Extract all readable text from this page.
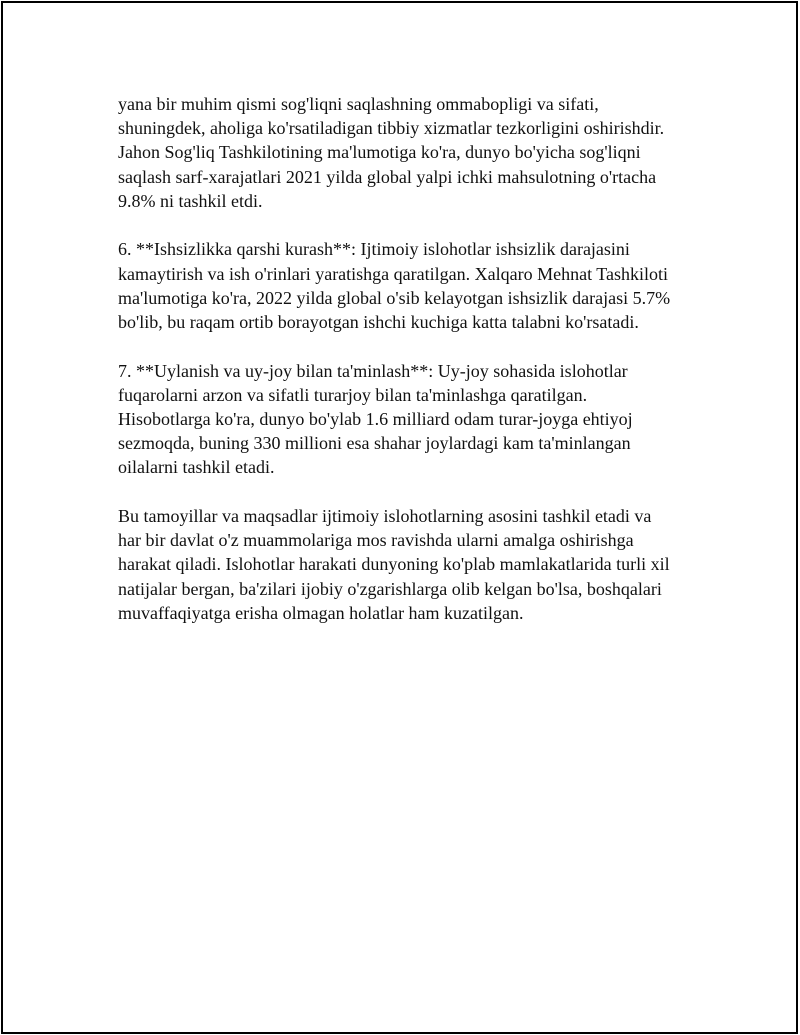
yana bir muhim qismi sog'liqni saqlashning ommabopligi va sifati,
shuningdek, aholiga ko'rsatiladigan tibbiy xizmatlar tezkorligini oshirishdir.
Jahon Sog'liq Tashkilotining ma'lumotiga ko'ra, dunyo bo'yicha sog'liqni
saqlash sarf-xarajatlari 2021 yilda global yalpi ichki mahsulotning o'rtacha
9.8% ni tashkil etdi.

6. **Ishsizlikka qarshi kurash**: Ijtimoiy islohotlar ishsizlik darajasini
kamaytirish va ish o'rinlari yaratishga qaratilgan. Xalqaro Mehnat Tashkiloti
ma'lumotiga ko'ra, 2022 yilda global o'sib kelayotgan ishsizlik darajasi 5.7%
bo'lib, bu raqam ortib borayotgan ishchi kuchiga katta talabni ko'rsatadi.

7. **Uylanish va uy-joy bilan ta'minlash**: Uy-joy sohasida islohotlar
fuqarolarni arzon va sifatli turarjoy bilan ta'minlashga qaratilgan.
Hisobotlarga ko'ra, dunyo bo'ylab 1.6 milliard odam turar-joyga ehtiyoj
sezmoqda, buning 330 millioni esa shahar joylardagi kam ta'minlangan
oilalarni tashkil etadi.

Bu tamoyillar va maqsadlar ijtimoiy islohotlarning asosini tashkil etadi va
har bir davlat o'z muammolariga mos ravishda ularni amalga oshirishga
harakat qiladi. Islohotlar harakati dunyoning ko'plab mamlakatlarida turli xil
natijalar bergan, ba'zilari ijobiy o'zgarishlarga olib kelgan bo'lsa, boshqalari
muvaffaqiyatga erisha olmagan holatlar ham kuzatilgan.
